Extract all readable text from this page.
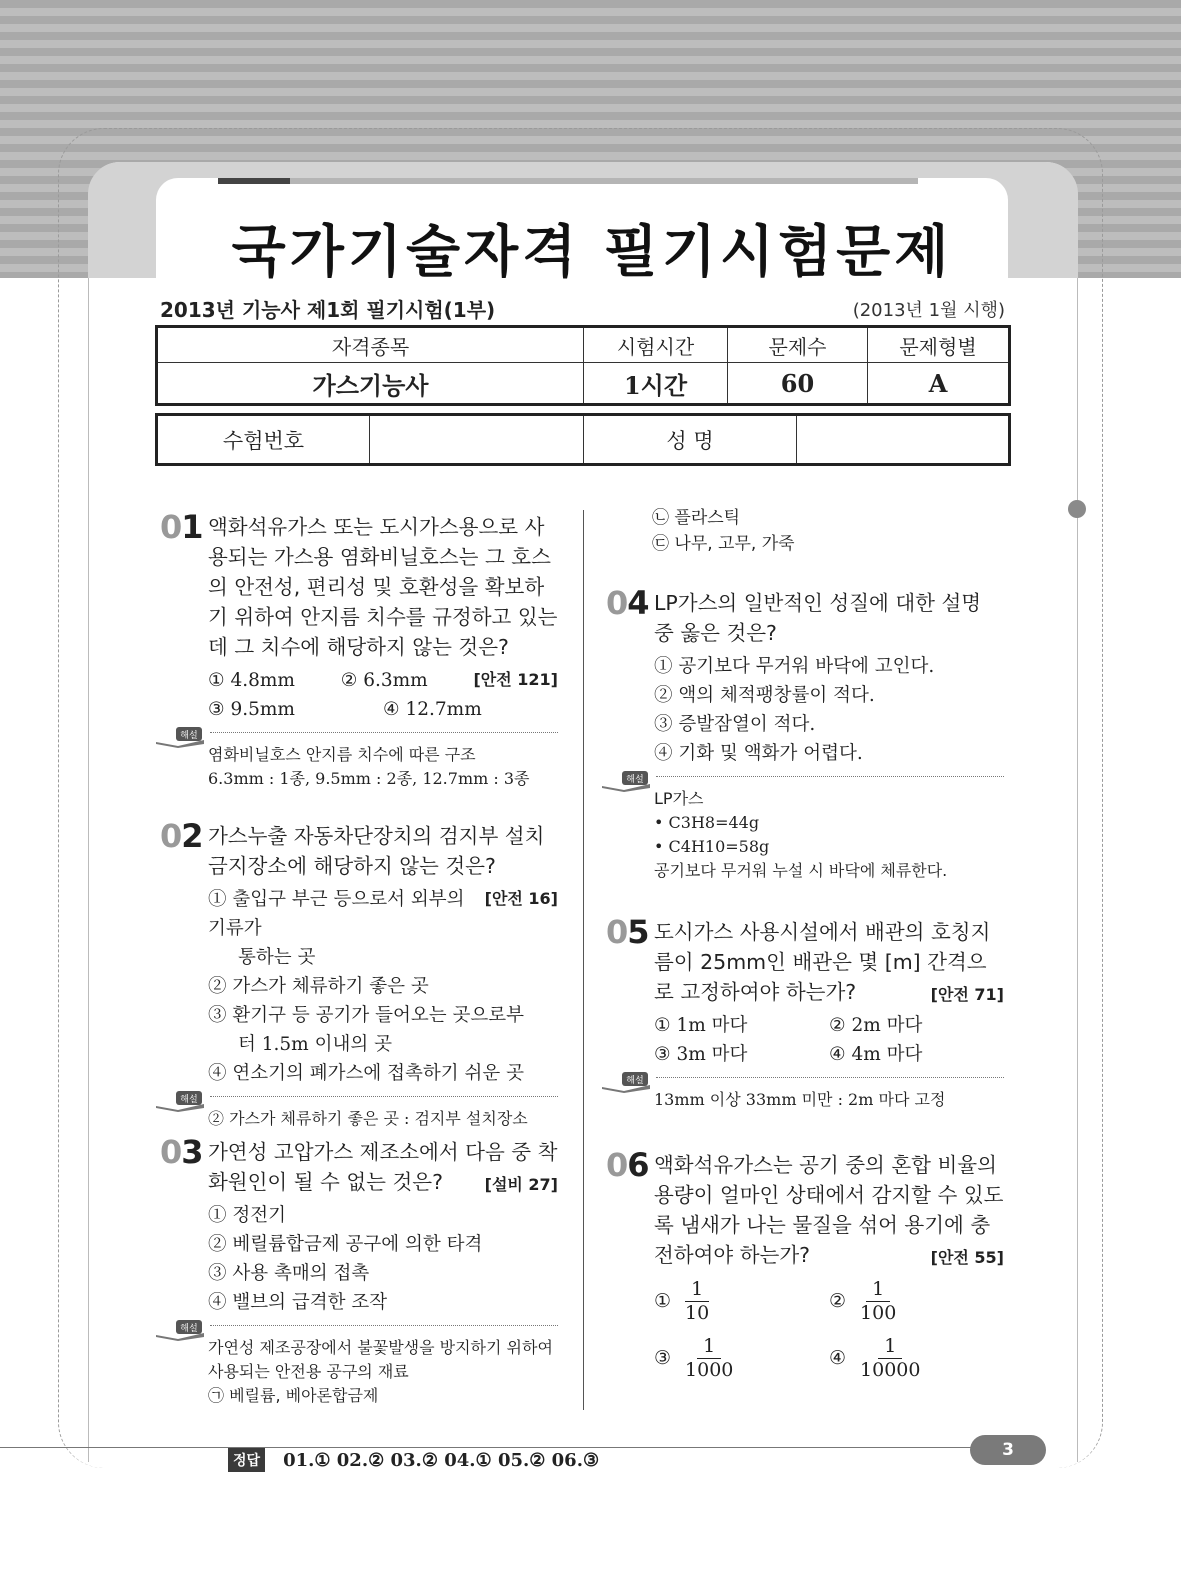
국가기술자격 필기시험문제
2013년 기능사 제1회 필기시험(1부)	(2013년 1월 시행)
자격종목	시험시간	문제수	문제형별
가스기능사	1시간	60	A
수험번호		성 명	
01 액화석유가스 또는 도시가스용으로 사용되는 가스용 염화비닐호스는 그 호스의 안전성, 편리성 및 호환성을 확보하기 위하여 안지름 치수를 규정하고 있는데 그 치수에 해당하지 않는 것은?
[안전 121]
① 4.8mm	② 6.3mm
③ 9.5mm	④ 12.7mm
해설
염화비닐호스 안지름 치수에 따른 구조
6.3mm : 1종, 9.5mm : 2종, 12.7mm : 3종
02 가스누출 자동차단장치의 검지부 설치 금지장소에 해당하지 않는 것은?
[안전 16]
① 출입구 부근 등으로서 외부의 기류가
통하는 곳
② 가스가 체류하기 좋은 곳
③ 환기구 등 공기가 들어오는 곳으로부
터 1.5m 이내의 곳
④ 연소기의 폐가스에 접촉하기 쉬운 곳
해설
② 가스가 체류하기 좋은 곳 : 검지부 설치장소
03 가연성 고압가스 제조소에서 다음 중 착화원인이 될 수 없는 것은?	[설비 27]
① 정전기
② 베릴륨합금제 공구에 의한 타격
③ 사용 촉매의 접촉
④ 밸브의 급격한 조작
해설
가연성 제조공장에서 불꽃발생을 방지하기 위하여 사용되는 안전용 공구의 재료
㉠ 베릴륨, 베아론합금제
㉡ 플라스틱
㉢ 나무, 고무, 가죽
04 LP가스의 일반적인 성질에 대한 설명 중 옳은 것은?
① 공기보다 무거워 바닥에 고인다.
② 액의 체적팽창률이 적다.
③ 증발잠열이 적다.
④ 기화 및 액화가 어렵다.
해설
LP가스
• C3H8=44g
• C4H10=58g
공기보다 무거워 누설 시 바닥에 체류한다.
05 도시가스 사용시설에서 배관의 호칭지름이 25mm인 배관은 몇 [m] 간격으로 고정하여야 하는가?	[안전 71]
① 1m 마다	② 2m 마다
③ 3m 마다	④ 4m 마다
해설
13mm 이상 33mm 미만 : 2m 마다 고정
06 액화석유가스는 공기 중의 혼합 비율의 용량이 얼마인 상태에서 감지할 수 있도록 냄새가 나는 물질을 섞어 용기에 충전하여야 하는가?	[안전 55]
① $\frac{1}{10}$	② $\frac{1}{100}$
③ $\frac{1}{1000}$	④ $\frac{1}{10000}$
정답 01.① 02.② 03.② 04.① 05.② 06.③	3
